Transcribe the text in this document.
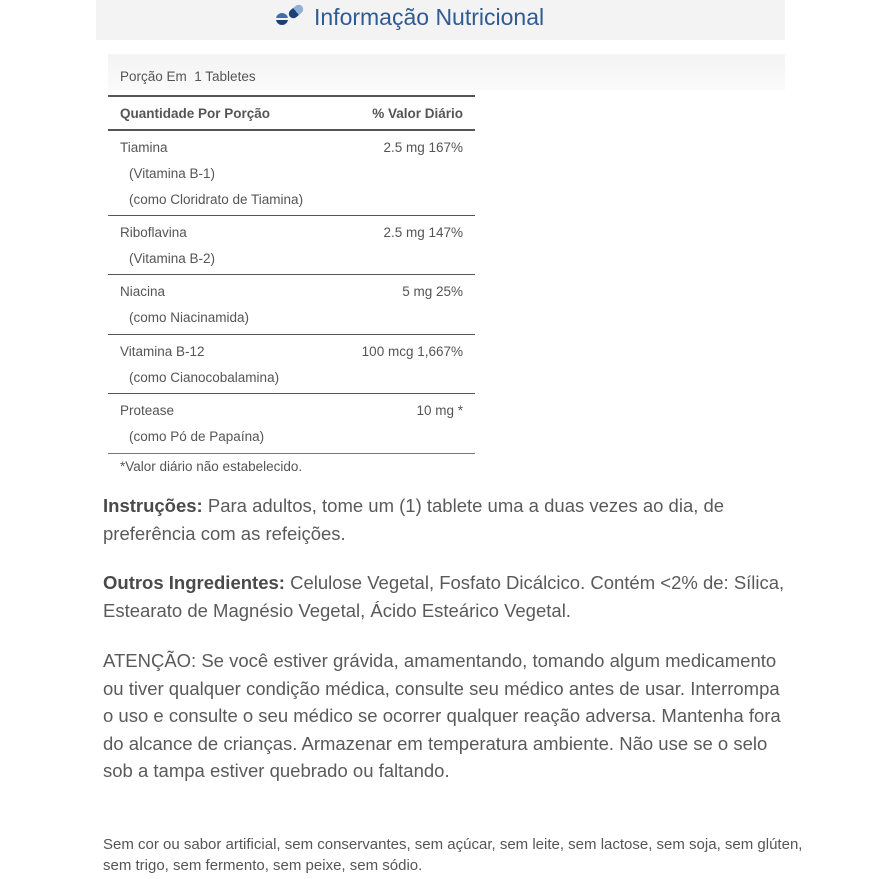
Informação Nutricional
Porção Em  1 Tabletes
Quantidade Por Porção	% Valor Diário
Tiamina	2.5 mg 167%
(Vitamina B-1)
(como Cloridrato de Tiamina)
Riboflavina	2.5 mg 147%
(Vitamina B-2)
Niacina	5 mg 25%
(como Niacinamida)
Vitamina B-12	100 mcg 1,667%
(como Cianocobalamina)
Protease	10 mg *
(como Pó de Papaína)
*Valor diário não estabelecido.
Instruções: Para adultos, tome um (1) tablete uma a duas vezes ao dia, de preferência com as refeições.
Outros Ingredientes: Celulose Vegetal, Fosfato Dicálcico. Contém <2% de: Sílica, Estearato de Magnésio Vegetal, Ácido Esteárico Vegetal.
ATENÇÃO: Se você estiver grávida, amamentando, tomando algum medicamento ou tiver qualquer condição médica, consulte seu médico antes de usar. Interrompa o uso e consulte o seu médico se ocorrer qualquer reação adversa. Mantenha fora do alcance de crianças. Armazenar em temperatura ambiente. Não use se o selo sob a tampa estiver quebrado ou faltando.
Sem cor ou sabor artificial, sem conservantes, sem açúcar, sem leite, sem lactose, sem soja, sem glúten, sem trigo, sem fermento, sem peixe, sem sódio.
